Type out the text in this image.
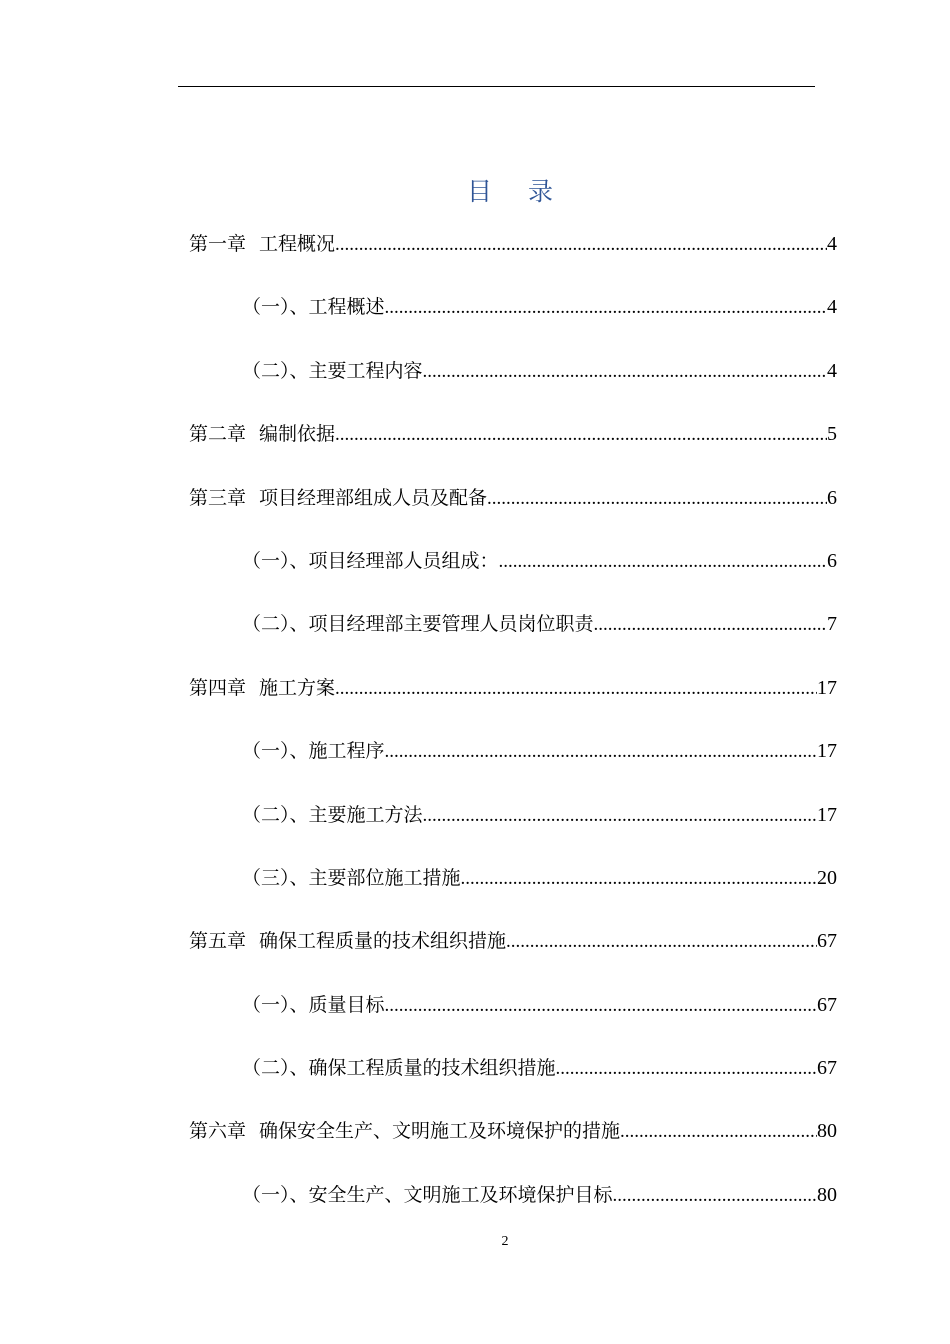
目 录
第一章 工程概况 .....	4
（一）、工程概述 .....	4
（二）、主要工程内容 .....	4
第二章 编制依据 .....	5
第三章 项目经理部组成人员及配备 .....	6
（一）、项目经理部人员组成： .....	6
（二）、项目经理部主要管理人员岗位职责 .....	7
第四章 施工方案 .....	17
（一）、施工程序 .....	17
（二）、主要施工方法 .....	17
（三）、主要部位施工措施 .....	20
第五章 确保工程质量的技术组织措施 .....	67
（一）、质量目标 .....	67
（二）、确保工程质量的技术组织措施 .....	67
第六章 确保安全生产、文明施工及环境保护的措施 .....	80
（一）、安全生产、文明施工及环境保护目标 .....	80
2
